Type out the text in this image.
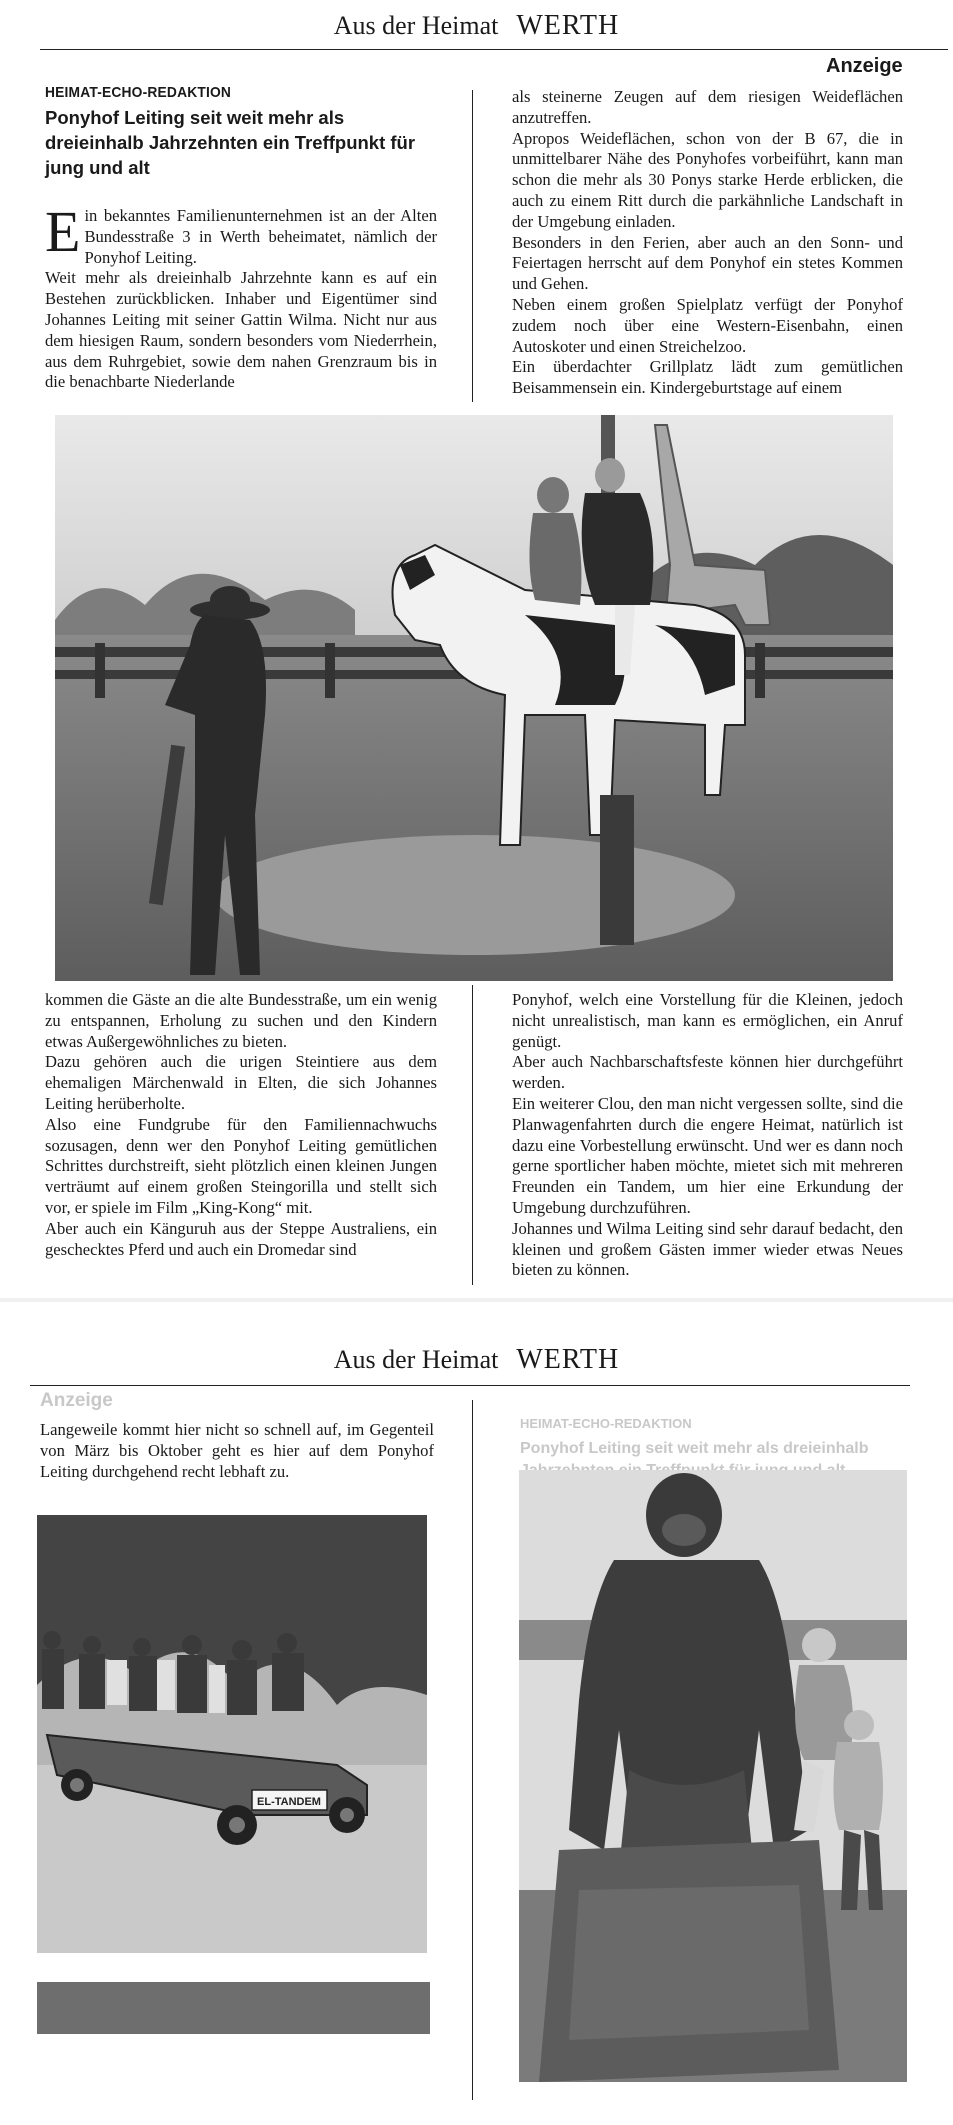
Aus der Heimat WERTH
Anzeige
HEIMAT-ECHO-REDAKTION
Ponyhof Leiting seit weit mehr als dreieinhalb Jahrzehnten ein Treffpunkt für jung und alt

Ein bekanntes Familienunternehmen ist an der Alten Bundesstraße 3 in Werth beheimatet, nämlich der Ponyhof Leiting.

Weit mehr als dreieinhalb Jahrzehnte kann es auf ein Bestehen zurückblicken. Inhaber und Eigentümer sind Johannes Leiting mit seiner Gattin Wilma. Nicht nur aus dem hiesigen Raum, sondern besonders vom Niederrhein, aus dem Ruhrgebiet, sowie dem nahen Grenzraum bis in die benachbarte Niederlande

als steinerne Zeugen auf dem riesigen Weideflächen anzutreffen.

Apropos Weideflächen, schon von der B 67, die in unmittelbarer Nähe des Ponyhofes vorbeiführt, kann man schon die mehr als 30 Ponys starke Herde erblicken, die auch zu einem Ritt durch die parkähnliche Landschaft in der Umgebung einladen.

Besonders in den Ferien, aber auch an den Sonn- und Feiertagen herrscht auf dem Ponyhof ein stetes Kommen und Gehen.

Neben einem großen Spielplatz verfügt der Ponyhof zudem noch über eine Western-Eisenbahn, einen Autoskoter und einen Streichelzoo.

Ein überdachter Grillplatz lädt zum gemütlichen Beisammensein ein. Kindergeburtstage auf einem

kommen die Gäste an die alte Bundesstraße, um ein wenig zu entspannen, Erholung zu suchen und den Kindern etwas Außergewöhnliches zu bieten.

Dazu gehören auch die urigen Steintiere aus dem ehemaligen Märchenwald in Elten, die sich Johannes Leiting herüberholte.

Also eine Fundgrube für den Familiennachwuchs sozusagen, denn wer den Ponyhof Leiting gemütlichen Schrittes durchstreift, sieht plötzlich einen kleinen Jungen verträumt auf einem großen Steingorilla und stellt sich vor, er spiele im Film „King-Kong“ mit.

Aber auch ein Känguruh aus der Steppe Australiens, ein geschecktes Pferd und auch ein Dromedar sind

Ponyhof, welch eine Vorstellung für die Kleinen, jedoch nicht unrealistisch, man kann es ermöglichen, ein Anruf genügt.

Aber auch Nachbarschaftsfeste können hier durchgeführt werden.

Ein weiterer Clou, den man nicht vergessen sollte, sind die Planwagenfahrten durch die engere Heimat, natürlich ist dazu eine Vorbestellung erwünscht. Und wer es dann noch gerne sportlicher haben möchte, mietet sich mit mehreren Freunden ein Tandem, um hier eine Erkundung der Umgebung durchzuführen.

Johannes und Wilma Leiting sind sehr darauf bedacht, den kleinen und großem Gästen immer wieder etwas Neues bieten zu können.

Aus der Heimat WERTH
Langeweile kommt hier nicht so schnell auf, im Gegenteil von März bis Oktober geht es hier auf dem Ponyhof Leiting durchgehend recht lebhaft zu.
EL-TANDEM
Anzeige
HEIMAT-ECHO-REDAKTION
Ponyhof Leiting seit weit mehr als dreieinhalb
